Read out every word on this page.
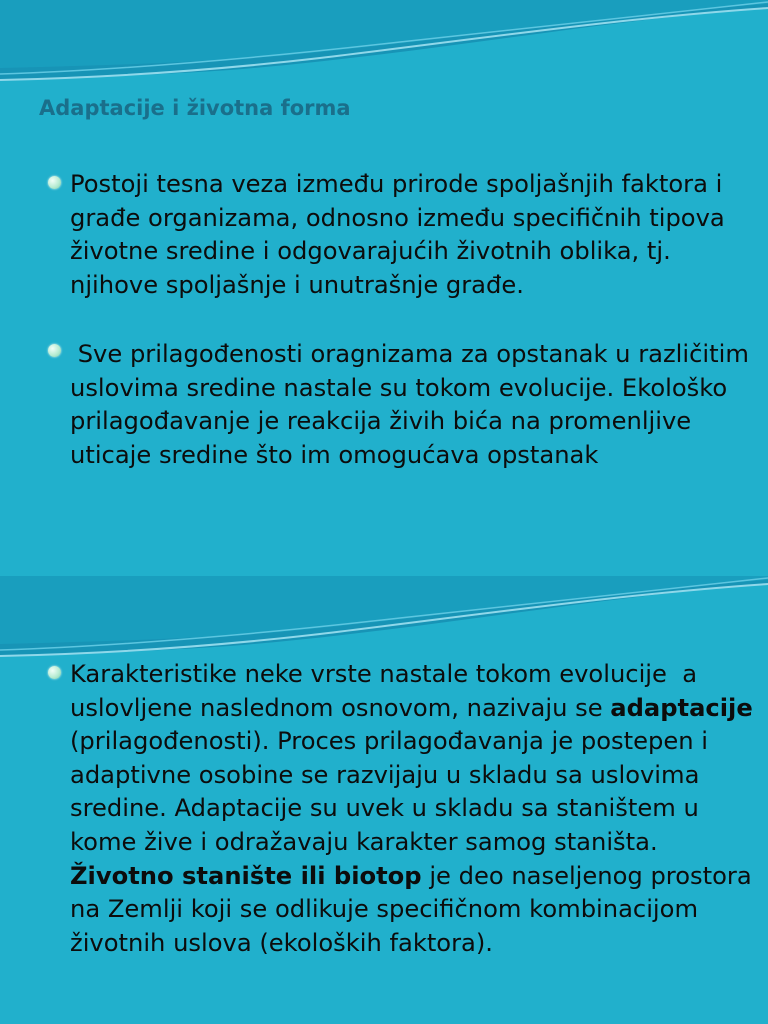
Adaptacije i životna forma

Postoji tesna veza između prirode spoljašnjih faktora i građe organizama, odnosno između specifičnih tipova životne sredine i odgovarajućih životnih oblika, tj. njihove spoljašnje i unutrašnje građe.

Sve prilagođenosti oragnizama za opstanak u različitim uslovima sredine nastale su tokom evolucije. Ekološko prilagođavanje je reakcija živih bića na promenljive uticaje sredine što im omogućava opstanak

Karakteristike neke vrste nastale tokom evolucije  a uslovljene naslednom osnovom, nazivaju se adaptacije (prilagođenosti). Proces prilagođavanja je postepen i adaptivne osobine se razvijaju u skladu sa uslovima sredine. Adaptacije su uvek u skladu sa staništem u kome žive i odražavaju karakter samog staništa. Životno stanište ili biotop je deo naseljenog prostora na Zemlji koji se odlikuje specifičnom kombinacijom životnih uslova (ekoloških faktora).
